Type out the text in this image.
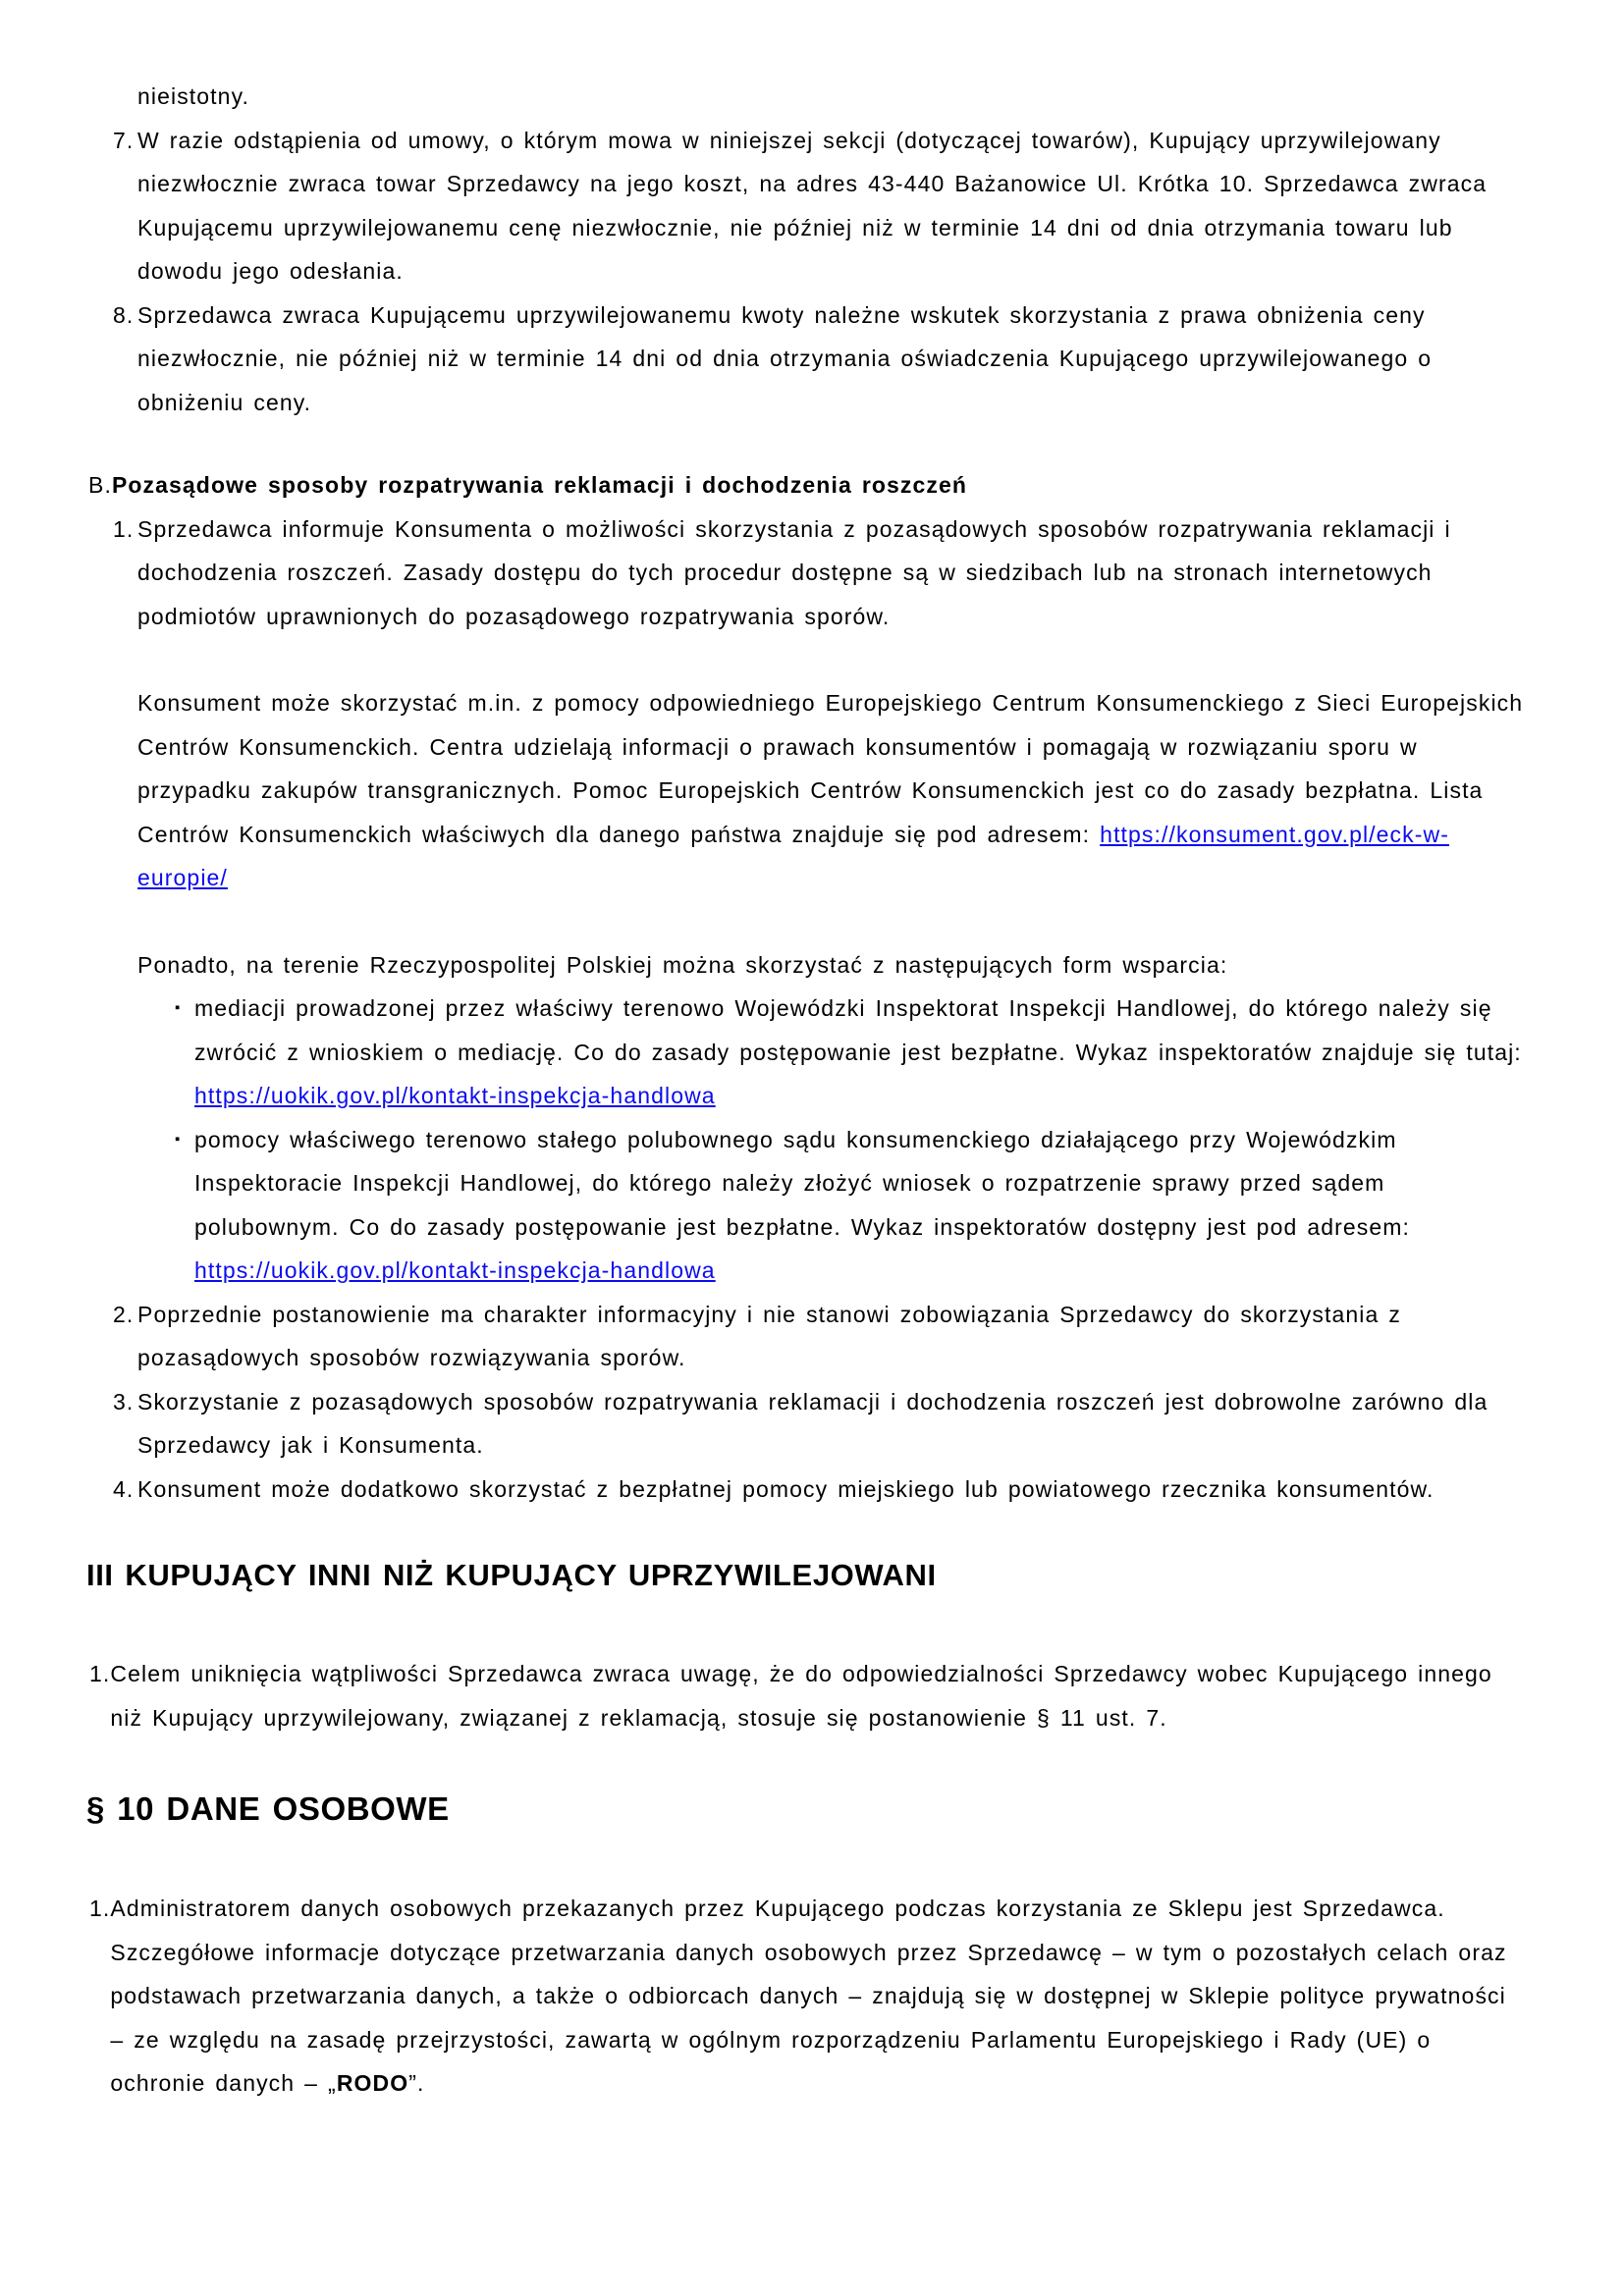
nieistotny.
7. W razie odstąpienia od umowy, o którym mowa w niniejszej sekcji (dotyczącej towarów), Kupujący uprzywilejowany niezwłocznie zwraca towar Sprzedawcy na jego koszt, na adres 43-440 Bażanowice Ul. Krótka 10. Sprzedawca zwraca Kupującemu uprzywilejowanemu cenę niezwłocznie, nie później niż w terminie 14 dni od dnia otrzymania towaru lub dowodu jego odesłania.
8. Sprzedawca zwraca Kupującemu uprzywilejowanemu kwoty należne wskutek skorzystania z prawa obniżenia ceny niezwłocznie, nie później niż w terminie 14 dni od dnia otrzymania oświadczenia Kupującego uprzywilejowanego o obniżeniu ceny.
B. Pozasądowe sposoby rozpatrywania reklamacji i dochodzenia roszczeń
1. Sprzedawca informuje Konsumenta o możliwości skorzystania z pozasądowych sposobów rozpatrywania reklamacji i dochodzenia roszczeń. Zasady dostępu do tych procedur dostępne są w siedzibach lub na stronach internetowych podmiotów uprawnionych do pozasądowego rozpatrywania sporów.
Konsument może skorzystać m.in. z pomocy odpowiedniego Europejskiego Centrum Konsumenckiego z Sieci Europejskich Centrów Konsumenckich. Centra udzielają informacji o prawach konsumentów i pomagają w rozwiązaniu sporu w przypadku zakupów transgranicznych. Pomoc Europejskich Centrów Konsumenckich jest co do zasady bezpłatna. Lista Centrów Konsumenckich właściwych dla danego państwa znajduje się pod adresem: https://konsument.gov.pl/eck-w-europie/
Ponadto, na terenie Rzeczypospolitej Polskiej można skorzystać z następujących form wsparcia:
▪ mediacji prowadzonej przez właściwy terenowo Wojewódzki Inspektorat Inspekcji Handlowej, do którego należy się zwrócić z wnioskiem o mediację. Co do zasady postępowanie jest bezpłatne. Wykaz inspektoratów znajduje się tutaj: https://uokik.gov.pl/kontakt-inspekcja-handlowa
▪ pomocy właściwego terenowo stałego polubownego sądu konsumenckiego działającego przy Wojewódzkim Inspektoracie Inspekcji Handlowej, do którego należy złożyć wniosek o rozpatrzenie sprawy przed sądem polubownym. Co do zasady postępowanie jest bezpłatne. Wykaz inspektoratów dostępny jest pod adresem: https://uokik.gov.pl/kontakt-inspekcja-handlowa
2. Poprzednie postanowienie ma charakter informacyjny i nie stanowi zobowiązania Sprzedawcy do skorzystania z pozasądowych sposobów rozwiązywania sporów.
3. Skorzystanie z pozasądowych sposobów rozpatrywania reklamacji i dochodzenia roszczeń jest dobrowolne zarówno dla Sprzedawcy jak i Konsumenta.
4. Konsument może dodatkowo skorzystać z bezpłatnej pomocy miejskiego lub powiatowego rzecznika konsumentów.
III KUPUJĄCY INNI NIŻ KUPUJĄCY UPRZYWILEJOWANI
1. Celem uniknięcia wątpliwości Sprzedawca zwraca uwagę, że do odpowiedzialności Sprzedawcy wobec Kupującego innego niż Kupujący uprzywilejowany, związanej z reklamacją, stosuje się postanowienie § 11 ust. 7.
§ 10 DANE OSOBOWE
1. Administratorem danych osobowych przekazanych przez Kupującego podczas korzystania ze Sklepu jest Sprzedawca. Szczegółowe informacje dotyczące przetwarzania danych osobowych przez Sprzedawcę – w tym o pozostałych celach oraz podstawach przetwarzania danych, a także o odbiorcach danych – znajdują się w dostępnej w Sklepie polityce prywatności – ze względu na zasadę przejrzystości, zawartą w ogólnym rozporządzeniu Parlamentu Europejskiego i Rady (UE) o ochronie danych – „RODO”.
